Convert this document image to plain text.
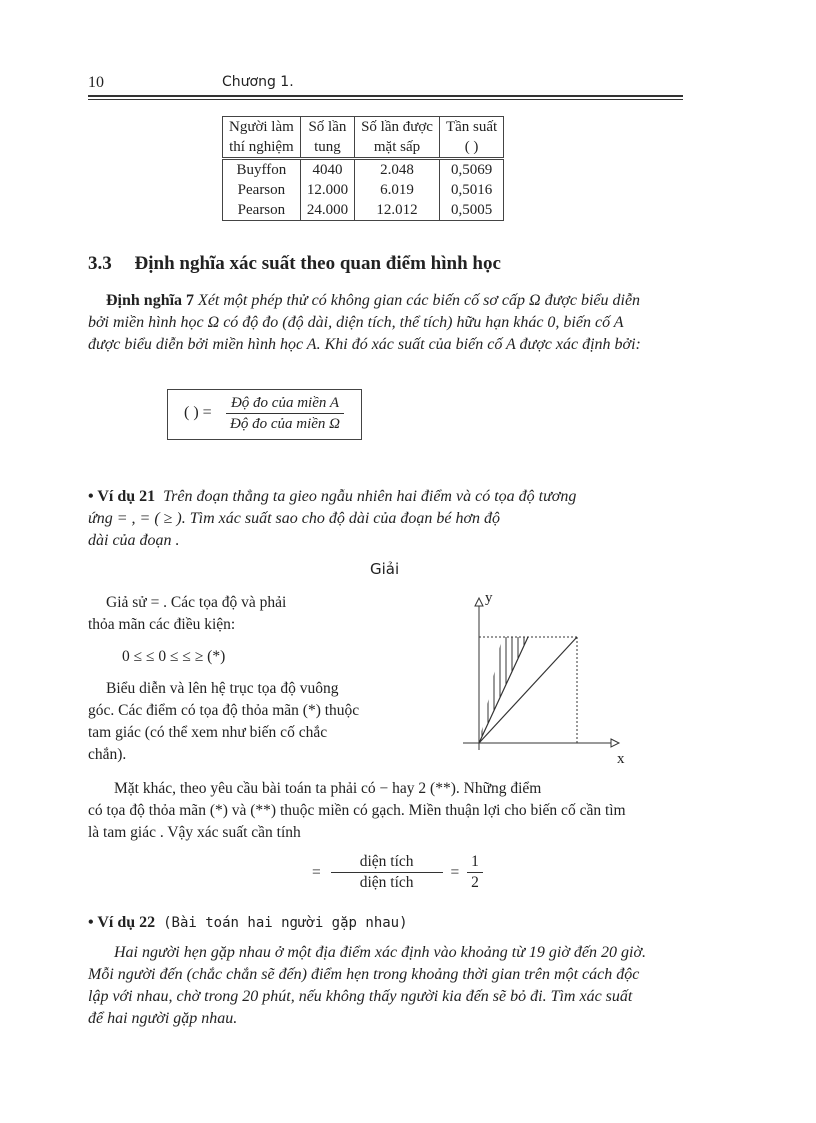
10	Chương 1.
Người làm	Số lần	Số lần được	Tần suất
thí nghiệm	tung	mặt sấp	( )
Buyffon	4040	2.048	0,5069
Pearson	12.000	6.019	0,5016
Pearson	24.000	12.012	0,5005
3.3 Định nghĩa xác suất theo quan điểm hình học
Định nghĩa 7 Xét một phép thử có không gian các biến cố sơ cấp Ω được biểu diễn
bởi miền hình học Ω có độ đo (độ dài, diện tích, thể tích) hữu hạn khác 0, biến cố A
được biểu diễn bởi miền hình học A. Khi đó xác suất của biến cố A được xác định bởi:
( ) =
Độ đo của miền A
Độ đo của miền Ω
• Ví dụ 21 Trên đoạn thẳng ta gieo ngẫu nhiên hai điểm và có tọa độ tương
ứng = , = ( ≥ ). Tìm xác suất sao cho độ dài của đoạn bé hơn độ
dài của đoạn .
Giải
Giả sử = . Các tọa độ và phải
thỏa mãn các điều kiện:
0 ≤ ≤ 0 ≤ ≤ ≥ (*)
Biểu diễn và lên hệ trục tọa độ vuông
góc. Các điểm có tọa độ thỏa mãn (*) thuộc
tam giác (có thể xem như biến cố chắc
chắn).
y
x
Mặt khác, theo yêu cầu bài toán ta phải có − hay 2 (**). Những điểm
có tọa độ thỏa mãn (*) và (**) thuộc miền có gạch. Miền thuận lợi cho biến cố cần tìm
là tam giác . Vậy xác suất cần tính
= $\frac{\text{diện tích}}{\text{diện tích}} = \frac{1}{2}$
• Ví dụ 22 (Bài toán hai người gặp nhau)
Hai người hẹn gặp nhau ở một địa điểm xác định vào khoảng từ 19 giờ đến 20 giờ.
Mỗi người đến (chắc chắn sẽ đến) điểm hẹn trong khoảng thời gian trên một cách độc
lập với nhau, chờ trong 20 phút, nếu không thấy người kia đến sẽ bỏ đi. Tìm xác suất
để hai người gặp nhau.
